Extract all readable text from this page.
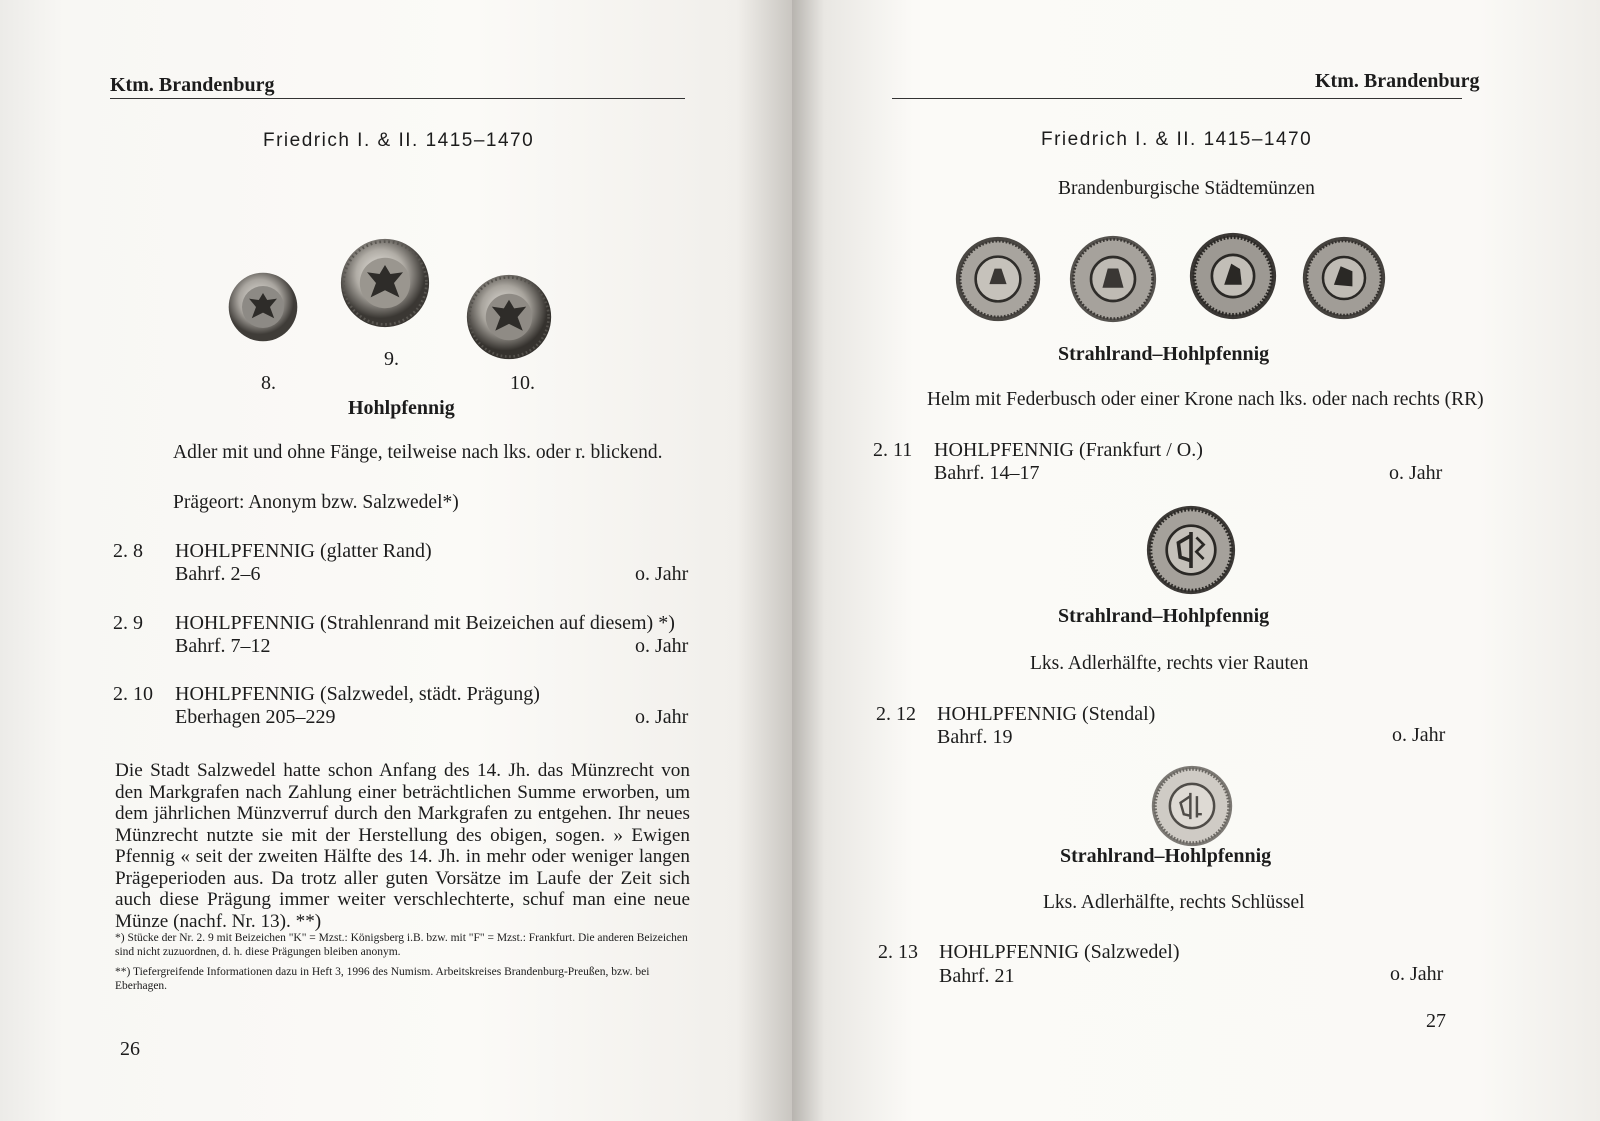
Ktm. Brandenburg
Friedrich I. & II. 1415–1470
9.
8.	10.
Hohlpfennig
Adler mit und ohne Fänge, teilweise nach lks. oder r. blickend.
Prägeort: Anonym bzw. Salzwedel*)
2. 8 HOHLPFENNIG (glatter Rand)
Bahrf. 2–6	o. Jahr
2. 9 HOHLPFENNIG (Strahlenrand mit Beizeichen auf diesem) *)
Bahrf. 7–12	o. Jahr
2. 10 HOHLPFENNIG (Salzwedel, städt. Prägung)
Eberhagen 205–229	o. Jahr
Die Stadt Salzwedel hatte schon Anfang des 14. Jh. das Münzrecht von den Markgrafen nach Zahlung einer beträchtlichen Summe erworben, um dem jährlichen Münzverruf durch den Markgrafen zu entgehen. Ihr neues Münzrecht nutzte sie mit der Herstellung des obigen, sogen. » Ewigen Pfennig « seit der zweiten Hälfte des 14. Jh. in mehr oder weniger langen Prägeperioden aus. Da trotz aller guten Vorsätze im Laufe der Zeit sich auch diese Prägung immer weiter verschlechterte, schuf man eine neue Münze (nachf. Nr. 13). **)
*) Stücke der Nr. 2. 9 mit Beizeichen "K" = Mzst.: Königsberg i.B. bzw. mit "F" = Mzst.: Frankfurt. Die anderen Beizeichen sind nicht zuzuordnen, d. h. diese Prägungen bleiben anonym.
**) Tiefergreifende Informationen dazu in Heft 3, 1996 des Numism. Arbeitskreises Brandenburg-Preußen, bzw. bei Eberhagen.
26
Ktm. Brandenburg
Friedrich I. & II. 1415–1470
Brandenburgische Städtemünzen
Strahlrand–Hohlpfennig
Helm mit Federbusch oder einer Krone nach lks. oder nach rechts (RR)
2. 11 HOHLPFENNIG (Frankfurt / O.)
Bahrf. 14–17	o. Jahr
Strahlrand–Hohlpfennig
Lks. Adlerhälfte, rechts vier Rauten
2. 12 HOHLPFENNIG (Stendal)
Bahrf. 19	o. Jahr
Strahlrand–Hohlpfennig
Lks. Adlerhälfte, rechts Schlüssel
2. 13 HOHLPFENNIG (Salzwedel)
Bahrf. 21	o. Jahr
27
